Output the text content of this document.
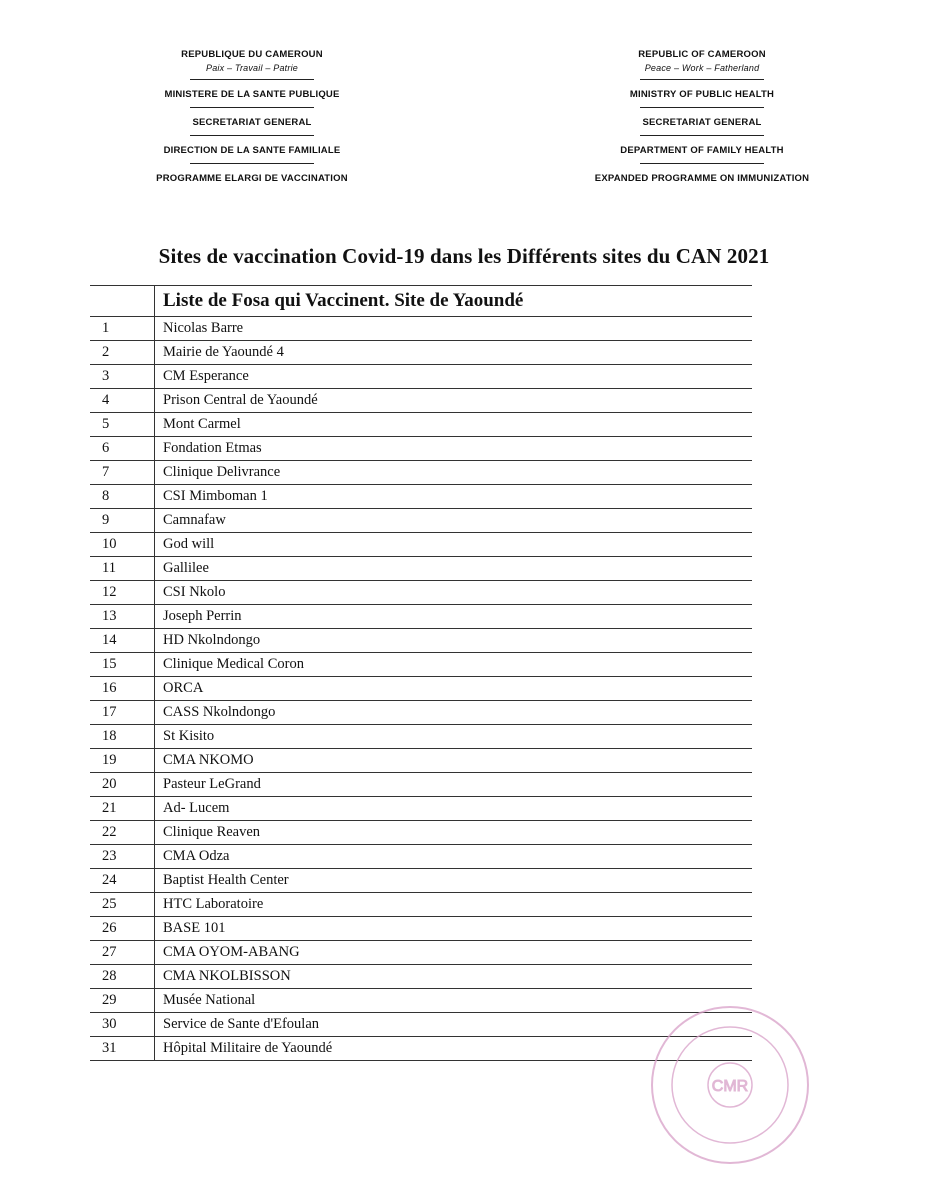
REPUBLIQUE DU CAMEROUN
Paix – Travail – Patrie
MINISTERE DE LA SANTE PUBLIQUE
SECRETARIAT GENERAL
DIRECTION DE LA SANTE FAMILIALE
PROGRAMME ELARGI DE VACCINATION
REPUBLIC OF CAMEROON
Peace – Work – Fatherland
MINISTRY OF PUBLIC HEALTH
SECRETARIAT GENERAL
DEPARTMENT OF FAMILY HEALTH
EXPANDED PROGRAMME ON IMMUNIZATION
Sites de vaccination Covid-19 dans les Différents sites du CAN 2021
	Liste de Fosa qui Vaccinent. Site de Yaoundé
1	Nicolas Barre
2	Mairie de Yaoundé 4
3	CM Esperance
4	Prison Central de Yaoundé
5	Mont Carmel
6	Fondation Etmas
7	Clinique Delivrance
8	CSI Mimboman 1
9	Camnafaw
10	God will
11	Gallilee
12	CSI Nkolo
13	Joseph Perrin
14	HD Nkolndongo
15	Clinique Medical Coron
16	ORCA
17	CASS Nkolndongo
18	St Kisito
19	CMA NKOMO
20	Pasteur LeGrand
21	Ad- Lucem
22	Clinique Reaven
23	CMA Odza
24	Baptist Health Center
25	HTC Laboratoire
26	BASE 101
27	CMA OYOM-ABANG
28	CMA NKOLBISSON
29	Musée National
30	Service de Sante d'Efoulan
31	Hôpital Militaire de Yaoundé
CMR
